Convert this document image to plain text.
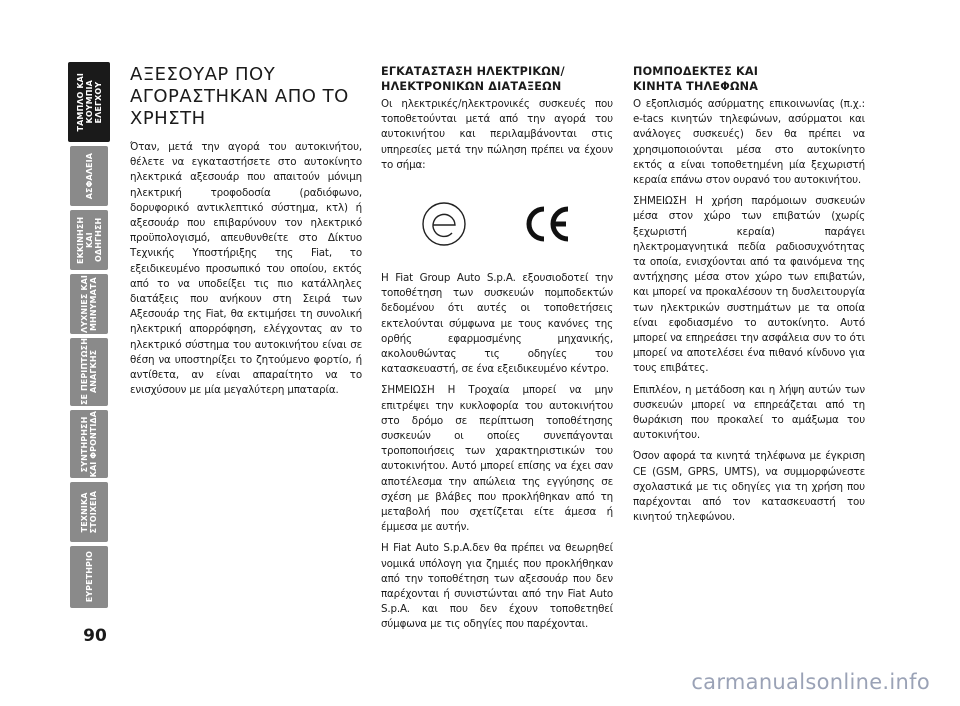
ΤΑΜΠΛΟ ΚΑΙ
ΚΟΥΜΠΙΑ
ΕΛΕΓΧΟΥ
ΑΣΦΑΛΕΙΑ
ΕΚΚΙΝΗΣΗ
ΚΑΙ ΟΔΗΓΗΣΗ
ΛΥΧΝΙΕΣ ΚΑΙ
ΜΗΝΥΜΑΤΑ
ΣΕ ΠΕΡΙΠΤΩΣΗ
ΑΝΑΓΚΗΣ
ΣΥΝΤΗΡΗΣΗ
ΚΑΙ ΦΡΟΝΤΙΔΑ
ΤΕΧΝΙΚΑ
ΣΤΟΙΧΕΙΑ
ΕΥΡΕΤΗΡΙΟ
90
ΑΞΕΣΟΥΑΡ ΠΟΥ
ΑΓΟΡΑΣΤΗΚΑΝ ΑΠΟ ΤΟ
ΧΡΗΣΤΗ

Όταν, μετά την αγορά του αυτοκινήτου, θέλετε να εγκαταστήσετε στο αυτοκίνητο ηλεκτρικά αξεσουάρ που απαιτούν μόνιμη ηλεκτρική τροφοδοσία (ραδιόφωνο, δορυφορικό αντικλεπτικό σύστημα, κτλ) ή αξεσουάρ που επιβαρύνουν τον ηλεκτρικό προϋπολογισμό, απευθυνθείτε στο Δίκτυο Τεχνικής Υποστήριξης της Fiat, το εξειδικευμένο προσωπικό του οποίου, εκτός από το να υποδείξει τις πιο κατάλληλες διατάξεις που ανήκουν στη Σειρά των Αξεσουάρ της Fiat, θα εκτιμήσει τη συνολική ηλεκτρική απορρόφηση, ελέγχοντας αν το ηλεκτρικό σύστημα του αυτοκινήτου είναι σε θέση να υποστηρίξει το ζητούμενο φορτίο, ή αντίθετα, αν είναι απαραίτητο να το ενισχύσουν με μία μεγαλύτερη μπαταρία.

ΕΓΚΑΤΑΣΤΑΣΗ ΗΛΕΚΤΡΙΚΩΝ/
ΗΛΕΚΤΡΟΝΙΚΩΝ ΔΙΑΤΑΞΕΩΝ

Οι ηλεκτρικές/ηλεκτρονικές συσκευές που τοποθετούνται μετά από την αγορά του αυτοκινήτου και περιλαμβάνονται στις υπηρεσίες μετά την πώληση πρέπει να έχουν το σήμα:

Η Fiat Group Auto S.p.A. εξουσιοδοτεί την τοποθέτηση των συσκευών πομποδεκτών δεδομένου ότι αυτές οι τοποθετήσεις εκτελούνται σύμφωνα με τους κανόνες της ορθής εφαρμοσμένης μηχανικής, ακολουθώντας τις οδηγίες του κατασκευαστή, σε ένα εξειδικευμένο κέντρο.

ΣΗΜΕΙΩΣΗ Η Τροχαία μπορεί να μην επιτρέψει την κυκλοφορία του αυτοκινήτου στο δρόμο σε περίπτωση τοποθέτησης συσκευών οι οποίες συνεπάγονται τροποποιήσεις των χαρακτηριστικών του αυτοκινήτου. Αυτό μπορεί επίσης να έχει σαν αποτέλεσμα την απώλεια της εγγύησης σε σχέση με βλάβες που προκλήθηκαν από τη μεταβολή που σχετίζεται είτε άμεσα ή έμμεσα με αυτήν.

Η Fiat Auto S.p.A.δεν θα πρέπει να θεωρηθεί νομικά υπόλογη για ζημιές που προκλήθηκαν από την τοποθέτηση των αξεσουάρ που δεν παρέχονται ή συνιστώνται από την Fiat Auto S.p.A. και που δεν έχουν τοποθετηθεί σύμφωνα με τις οδηγίες που παρέχονται.

ΠΟΜΠΟΔΕΚΤΕΣ ΚΑΙ
ΚΙΝΗΤΑ ΤΗΛΕΦΩΝΑ

Ο εξοπλισμός ασύρματης επικοινωνίας (π.χ.: e-tacs κινητών τηλεφώνων, ασύρματοι και ανάλογες συσκευές) δεν θα πρέπει να χρησιμοποιούνται μέσα στο αυτοκίνητο εκτός α είναι τοποθετημένη μία ξεχωριστή κεραία επάνω στον ουρανό του αυτοκινήτου.

ΣΗΜΕΙΩΣΗ Η χρήση παρόμοιων συσκευών μέσα στον χώρο των επιβατών (χωρίς ξεχωριστή κεραία) παράγει ηλεκτρομαγνητικά πεδία ραδιοσυχνότητας τα οποία, ενισχύονται από τα φαινόμενα της αντήχησης μέσα στον χώρο των επιβατών, και μπορεί να προκαλέσουν τη δυσλειτουργία των ηλεκτρικών συστημάτων με τα οποία είναι εφοδιασμένο το αυτοκίνητο. Αυτό μπορεί να επηρεάσει την ασφάλεια συν το ότι μπορεί να αποτελέσει ένα πιθανό κίνδυνο για τους επιβάτες.

Επιπλέον, η μετάδοση και η λήψη αυτών των συσκευών μπορεί να επηρεάζεται από τη θωράκιση που προκαλεί το αμάξωμα του αυτοκινήτου.

Όσον αφορά τα κινητά τηλέφωνα με έγκριση CE (GSM, GPRS, UMTS), να συμμορφώνεστε σχολαστικά με τις οδηγίες για τη χρήση που παρέχονται από τον κατασκευαστή του κινητού τηλεφώνου.

carmanualsonline.info
